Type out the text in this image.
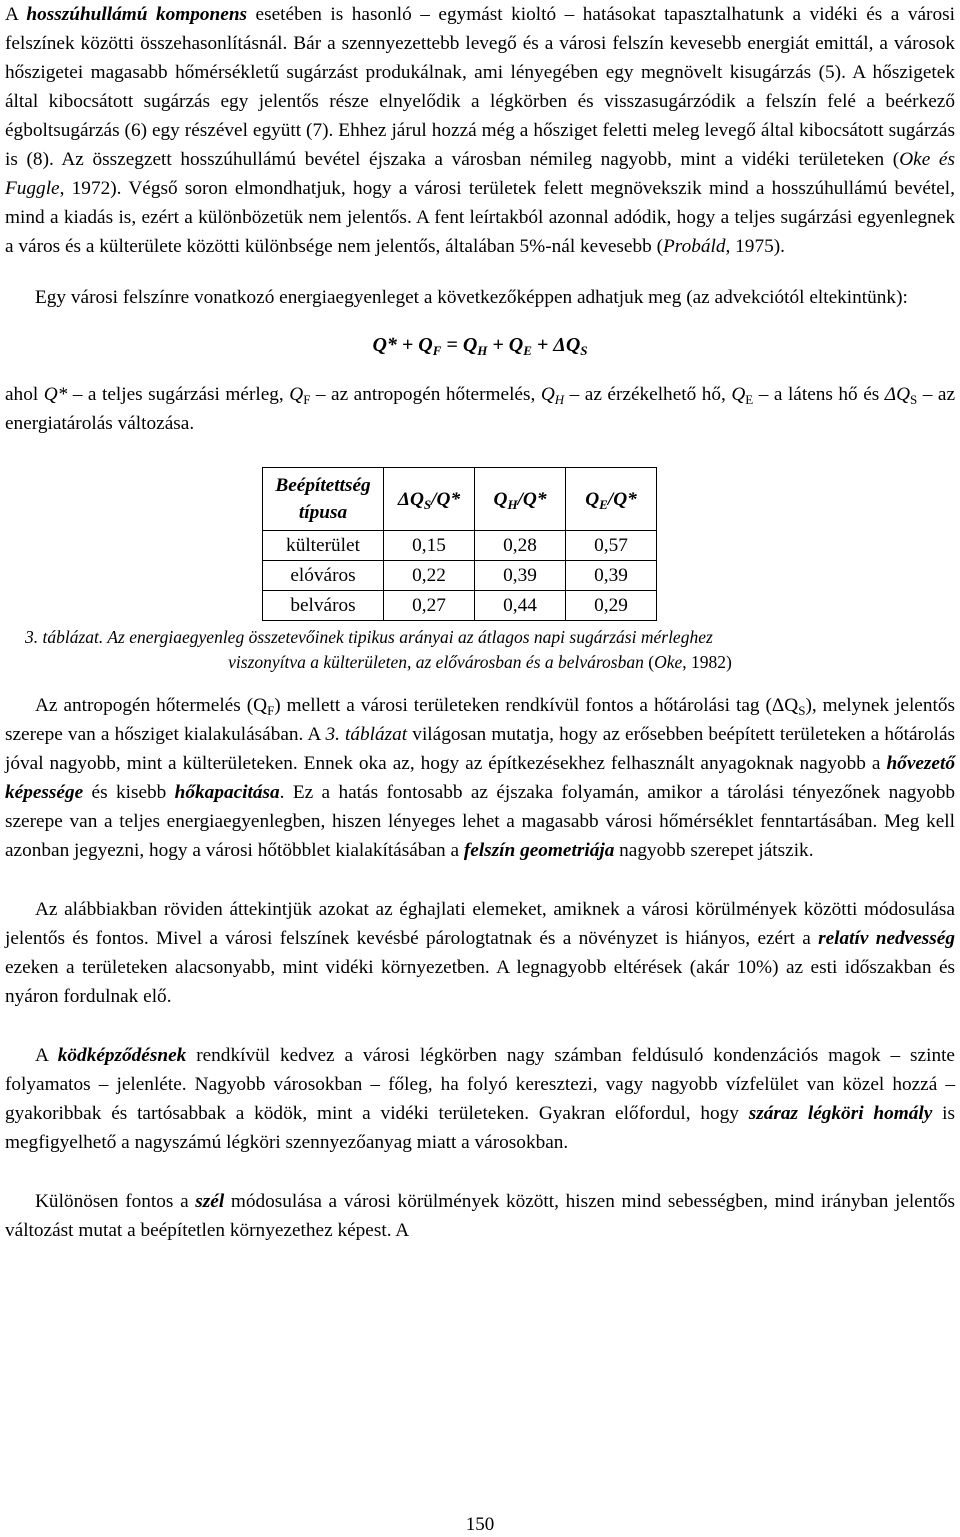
A hosszúhullámú komponens esetében is hasonló – egymást kioltó – hatásokat tapasztalhatunk a vidéki és a városi felszínek közötti összehasonlításnál. Bár a szennyezettebb levegő és a városi felszín kevesebb energiát emittál, a városok hőszigetei magasabb hőmérsékletű sugárzást produkálnak, ami lényegében egy megnövelt kisugárzás (5). A hőszigetek által kibocsátott sugárzás egy jelentős része elnyelődik a légkörben és visszasugárzódik a felszín felé a beérkező égboltsugárzás (6) egy részével együtt (7). Ehhez járul hozzá még a hősziget feletti meleg levegő által kibocsátott sugárzás is (8). Az összegzett hosszúhullámú bevétel éjszaka a városban némileg nagyobb, mint a vidéki területeken (Oke és Fuggle, 1972). Végső soron elmondhatjuk, hogy a városi területek felett megnövekszik mind a hosszúhullámú bevétel, mind a kiadás is, ezért a különbözetük nem jelentős. A fent leírtakból azonnal adódik, hogy a teljes sugárzási egyenlegnek a város és a külterülete közötti különbsége nem jelentős, általában 5%-nál kevesebb (Probáld, 1975).

Egy városi felszínre vonatkozó energiaegyenleget a következőképpen adhatjuk meg (az advekciótól eltekintünk):

$Q* + Q_F = Q_H + Q_E + \Delta Q_S$

ahol Q* – a teljes sugárzási mérleg, $Q_F$ – az antropogén hőtermelés, $Q_H$ – az érzékelhető hő, $Q_E$ – a látens hő és $\Delta Q_S$ – az energiatárolás változása.

Beépítettség
típusa	$\Delta Q_S/Q*$	$Q_H/Q*$	$Q_E/Q*$
külterület	0,15	0,28	0,57
elóváros	0,22	0,39	0,39
belváros	0,27	0,44	0,29

3. táblázat. Az energiaegyenleg összetevőinek tipikus arányai az átlagos napi sugárzási mérleghez
viszonyítva a külterületen, az elővárosban és a belvárosban (Oke, 1982)

Az antropogén hőtermelés $(Q_F)$ mellett a városi területeken rendkívül fontos a hőtárolási tag $(\Delta Q_S)$, melynek jelentős szerepe van a hősziget kialakulásában. A 3. táblázat világosan mutatja, hogy az erősebben beépített területeken a hőtárolás jóval nagyobb, mint a külterületeken. Ennek oka az, hogy az építkezésekhez felhasznált anyagoknak nagyobb a hővezető képessége és kisebb hőkapacitása. Ez a hatás fontosabb az éjszaka folyamán, amikor a tárolási tényezőnek nagyobb szerepe van a teljes energiaegyenlegben, hiszen lényeges lehet a magasabb városi hőmérséklet fenntartásában. Meg kell azonban jegyezni, hogy a városi hőtöbblet kialakításában a felszín geometriája nagyobb szerepet játszik.

Az alábbiakban röviden áttekintjük azokat az éghajlati elemeket, amiknek a városi körülmények közötti módosulása jelentős és fontos. Mivel a városi felszínek kevésbé párologtatnak és a növényzet is hiányos, ezért a relatív nedvesség ezeken a területeken alacsonyabb, mint vidéki környezetben. A legnagyobb eltérések (akár 10%) az esti időszakban és nyáron fordulnak elő.

A ködképződésnek rendkívül kedvez a városi légkörben nagy számban feldúsuló kondenzációs magok – szinte folyamatos – jelenléte. Nagyobb városokban – főleg, ha folyó keresztezi, vagy nagyobb vízfelület van közel hozzá – gyakoribbak és tartósabbak a ködök, mint a vidéki területeken. Gyakran előfordul, hogy száraz légköri homály is megfigyelhető a nagyszámú légköri szennyezőanyag miatt a városokban.

Különösen fontos a szél módosulása a városi körülmények között, hiszen mind sebességben, mind irányban jelentős változást mutat a beépítetlen környezethez képest. A

150
